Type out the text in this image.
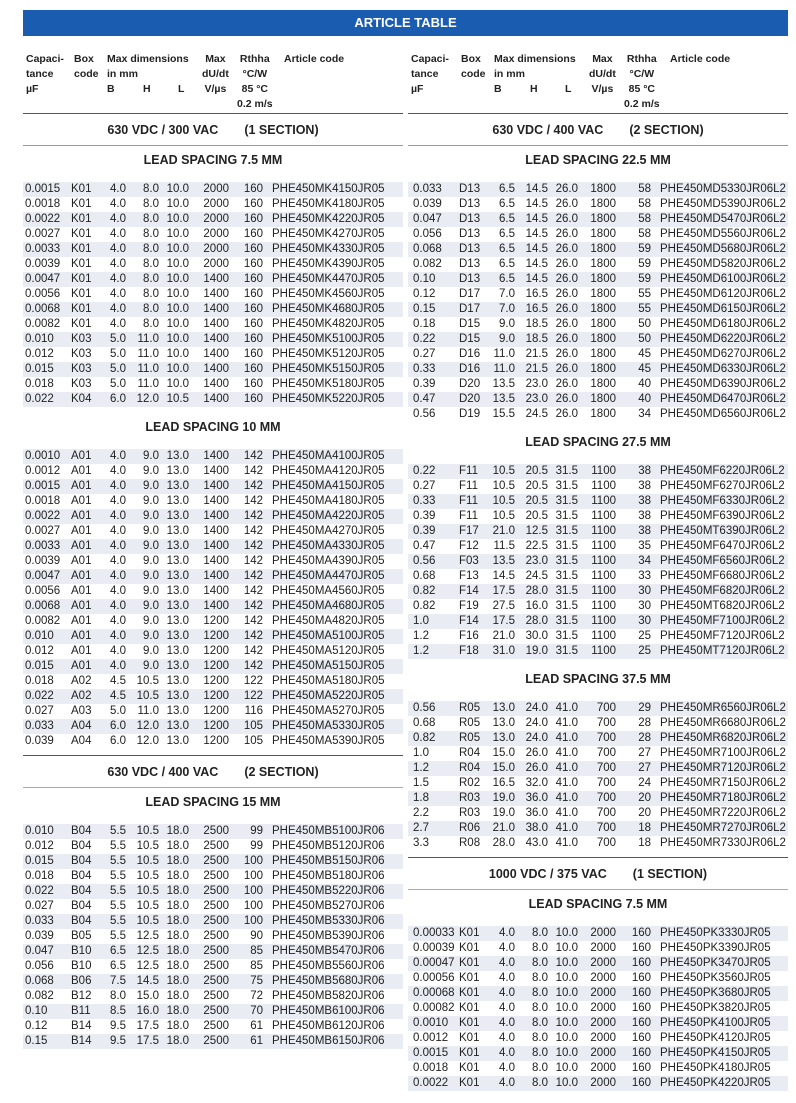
ARTICLE TABLE
Capaci-
tance
µF
Box
code
Max dimensions
in mm
B	H	L
Max
dU/dt
V/µs
Rthha
°C/W
85 °C
0.2 m/s
Article code
630 VDC / 300 VAC (1 SECTION)
LEAD SPACING 7.5 MM
0.0015 K01 4.0 8.0 10.0 2000 160 PHE450MK4150JR05
0.0018 K01 4.0 8.0 10.0 2000 160 PHE450MK4180JR05
0.0022 K01 4.0 8.0 10.0 2000 160 PHE450MK4220JR05
0.0027 K01 4.0 8.0 10.0 2000 160 PHE450MK4270JR05
0.0033 K01 4.0 8.0 10.0 2000 160 PHE450MK4330JR05
0.0039 K01 4.0 8.0 10.0 2000 160 PHE450MK4390JR05
0.0047 K01 4.0 8.0 10.0 1400 160 PHE450MK4470JR05
0.0056 K01 4.0 8.0 10.0 1400 160 PHE450MK4560JR05
0.0068 K01 4.0 8.0 10.0 1400 160 PHE450MK4680JR05
0.0082 K01 4.0 8.0 10.0 1400 160 PHE450MK4820JR05
0.010 K03 5.0 11.0 10.0 1400 160 PHE450MK5100JR05
0.012 K03 5.0 11.0 10.0 1400 160 PHE450MK5120JR05
0.015 K03 5.0 11.0 10.0 1400 160 PHE450MK5150JR05
0.018 K03 5.0 11.0 10.0 1400 160 PHE450MK5180JR05
0.022 K04 6.0 12.0 10.5 1400 160 PHE450MK5220JR05
LEAD SPACING 10 MM
0.0010 A01 4.0 9.0 13.0 1400 142 PHE450MA4100JR05
0.0012 A01 4.0 9.0 13.0 1400 142 PHE450MA4120JR05
0.0015 A01 4.0 9.0 13.0 1400 142 PHE450MA4150JR05
0.0018 A01 4.0 9.0 13.0 1400 142 PHE450MA4180JR05
0.0022 A01 4.0 9.0 13.0 1400 142 PHE450MA4220JR05
0.0027 A01 4.0 9.0 13.0 1400 142 PHE450MA4270JR05
0.0033 A01 4.0 9.0 13.0 1400 142 PHE450MA4330JR05
0.0039 A01 4.0 9.0 13.0 1400 142 PHE450MA4390JR05
0.0047 A01 4.0 9.0 13.0 1400 142 PHE450MA4470JR05
0.0056 A01 4.0 9.0 13.0 1400 142 PHE450MA4560JR05
0.0068 A01 4.0 9.0 13.0 1400 142 PHE450MA4680JR05
0.0082 A01 4.0 9.0 13.0 1200 142 PHE450MA4820JR05
0.010 A01 4.0 9.0 13.0 1200 142 PHE450MA5100JR05
0.012 A01 4.0 9.0 13.0 1200 142 PHE450MA5120JR05
0.015 A01 4.0 9.0 13.0 1200 142 PHE450MA5150JR05
0.018 A02 4.5 10.5 13.0 1200 122 PHE450MA5180JR05
0.022 A02 4.5 10.5 13.0 1200 122 PHE450MA5220JR05
0.027 A03 5.0 11.0 13.0 1200 116 PHE450MA5270JR05
0.033 A04 6.0 12.0 13.0 1200 105 PHE450MA5330JR05
0.039 A04 6.0 12.0 13.0 1200 105 PHE450MA5390JR05
630 VDC / 400 VAC (2 SECTION)
LEAD SPACING 15 MM
0.010 B04 5.5 10.5 18.0 2500 99 PHE450MB5100JR06
0.012 B04 5.5 10.5 18.0 2500 99 PHE450MB5120JR06
0.015 B04 5.5 10.5 18.0 2500 100 PHE450MB5150JR06
0.018 B04 5.5 10.5 18.0 2500 100 PHE450MB5180JR06
0.022 B04 5.5 10.5 18.0 2500 100 PHE450MB5220JR06
0.027 B04 5.5 10.5 18.0 2500 100 PHE450MB5270JR06
0.033 B04 5.5 10.5 18.0 2500 100 PHE450MB5330JR06
0.039 B05 5.5 12.5 18.0 2500 90 PHE450MB5390JR06
0.047 B10 6.5 12.5 18.0 2500 85 PHE450MB5470JR06
0.056 B10 6.5 12.5 18.0 2500 85 PHE450MB5560JR06
0.068 B06 7.5 14.5 18.0 2500 75 PHE450MB5680JR06
0.082 B12 8.0 15.0 18.0 2500 72 PHE450MB5820JR06
0.10 B11 8.5 16.0 18.0 2500 70 PHE450MB6100JR06
0.12 B14 9.5 17.5 18.0 2500 61 PHE450MB6120JR06
0.15 B14 9.5 17.5 18.0 2500 61 PHE450MB6150JR06
Capaci-
tance
µF
Box
code
Max dimensions
in mm
B	H	L
Max
dU/dt
V/µs
Rthha
°C/W
85 °C
0.2 m/s
Article code
630 VDC / 400 VAC (2 SECTION)
LEAD SPACING 22.5 MM
0.033 D13 6.5 14.5 26.0 1800 58 PHE450MD5330JR06L2
0.039 D13 6.5 14.5 26.0 1800 58 PHE450MD5390JR06L2
0.047 D13 6.5 14.5 26.0 1800 58 PHE450MD5470JR06L2
0.056 D13 6.5 14.5 26.0 1800 58 PHE450MD5560JR06L2
0.068 D13 6.5 14.5 26.0 1800 59 PHE450MD5680JR06L2
0.082 D13 6.5 14.5 26.0 1800 59 PHE450MD5820JR06L2
0.10 D13 6.5 14.5 26.0 1800 59 PHE450MD6100JR06L2
0.12 D17 7.0 16.5 26.0 1800 55 PHE450MD6120JR06L2
0.15 D17 7.0 16.5 26.0 1800 55 PHE450MD6150JR06L2
0.18 D15 9.0 18.5 26.0 1800 50 PHE450MD6180JR06L2
0.22 D15 9.0 18.5 26.0 1800 50 PHE450MD6220JR06L2
0.27 D16 11.0 21.5 26.0 1800 45 PHE450MD6270JR06L2
0.33 D16 11.0 21.5 26.0 1800 45 PHE450MD6330JR06L2
0.39 D20 13.5 23.0 26.0 1800 40 PHE450MD6390JR06L2
0.47 D20 13.5 23.0 26.0 1800 40 PHE450MD6470JR06L2
0.56 D19 15.5 24.5 26.0 1800 34 PHE450MD6560JR06L2
LEAD SPACING 27.5 MM
0.22 F11 10.5 20.5 31.5 1100 38 PHE450MF6220JR06L2
0.27 F11 10.5 20.5 31.5 1100 38 PHE450MF6270JR06L2
0.33 F11 10.5 20.5 31.5 1100 38 PHE450MF6330JR06L2
0.39 F11 10.5 20.5 31.5 1100 38 PHE450MF6390JR06L2
0.39 F17 21.0 12.5 31.5 1100 38 PHE450MT6390JR06L2
0.47 F12 11.5 22.5 31.5 1100 35 PHE450MF6470JR06L2
0.56 F03 13.5 23.0 31.5 1100 34 PHE450MF6560JR06L2
0.68 F13 14.5 24.5 31.5 1100 33 PHE450MF6680JR06L2
0.82 F14 17.5 28.0 31.5 1100 30 PHE450MF6820JR06L2
0.82 F19 27.5 16.0 31.5 1100 30 PHE450MT6820JR06L2
1.0	F14 17.5 28.0 31.5 1100 30 PHE450MF7100JR06L2
1.2	F16 21.0 30.0 31.5 1100 25 PHE450MF7120JR06L2
1.2	F18 31.0 19.0 31.5 1100 25 PHE450MT7120JR06L2
LEAD SPACING 37.5 MM
0.56 R05 13.0 24.0 41.0 700 29 PHE450MR6560JR06L2
0.68 R05 13.0 24.0 41.0 700 28 PHE450MR6680JR06L2
0.82 R05 13.0 24.0 41.0 700 28 PHE450MR6820JR06L2
1.0	R04 15.0 26.0 41.0 700 27 PHE450MR7100JR06L2
1.2	R04 15.0 26.0 41.0 700 27 PHE450MR7120JR06L2
1.5	R02 16.5 32.0 41.0 700 24 PHE450MR7150JR06L2
1.8	R03 19.0 36.0 41.0 700 20 PHE450MR7180JR06L2
2.2	R03 19.0 36.0 41.0 700 20 PHE450MR7220JR06L2
2.7	R06 21.0 38.0 41.0 700 18 PHE450MR7270JR06L2
3.3	R08 28.0 43.0 41.0 700 18 PHE450MR7330JR06L2
1000 VDC / 375 VAC (1 SECTION)
LEAD SPACING 7.5 MM
0.00033 K01 4.0 8.0 10.0 2000 160 PHE450PK3330JR05
0.00039 K01 4.0 8.0 10.0 2000 160 PHE450PK3390JR05
0.00047 K01 4.0 8.0 10.0 2000 160 PHE450PK3470JR05
0.00056 K01 4.0 8.0 10.0 2000 160 PHE450PK3560JR05
0.00068 K01 4.0 8.0 10.0 2000 160 PHE450PK3680JR05
0.00082 K01 4.0 8.0 10.0 2000 160 PHE450PK3820JR05
0.0010 K01 4.0 8.0 10.0 2000 160 PHE450PK4100JR05
0.0012 K01 4.0 8.0 10.0 2000 160 PHE450PK4120JR05
0.0015 K01 4.0 8.0 10.0 2000 160 PHE450PK4150JR05
0.0018 K01 4.0 8.0 10.0 2000 160 PHE450PK4180JR05
0.0022 K01 4.0 8.0 10.0 2000 160 PHE450PK4220JR05
